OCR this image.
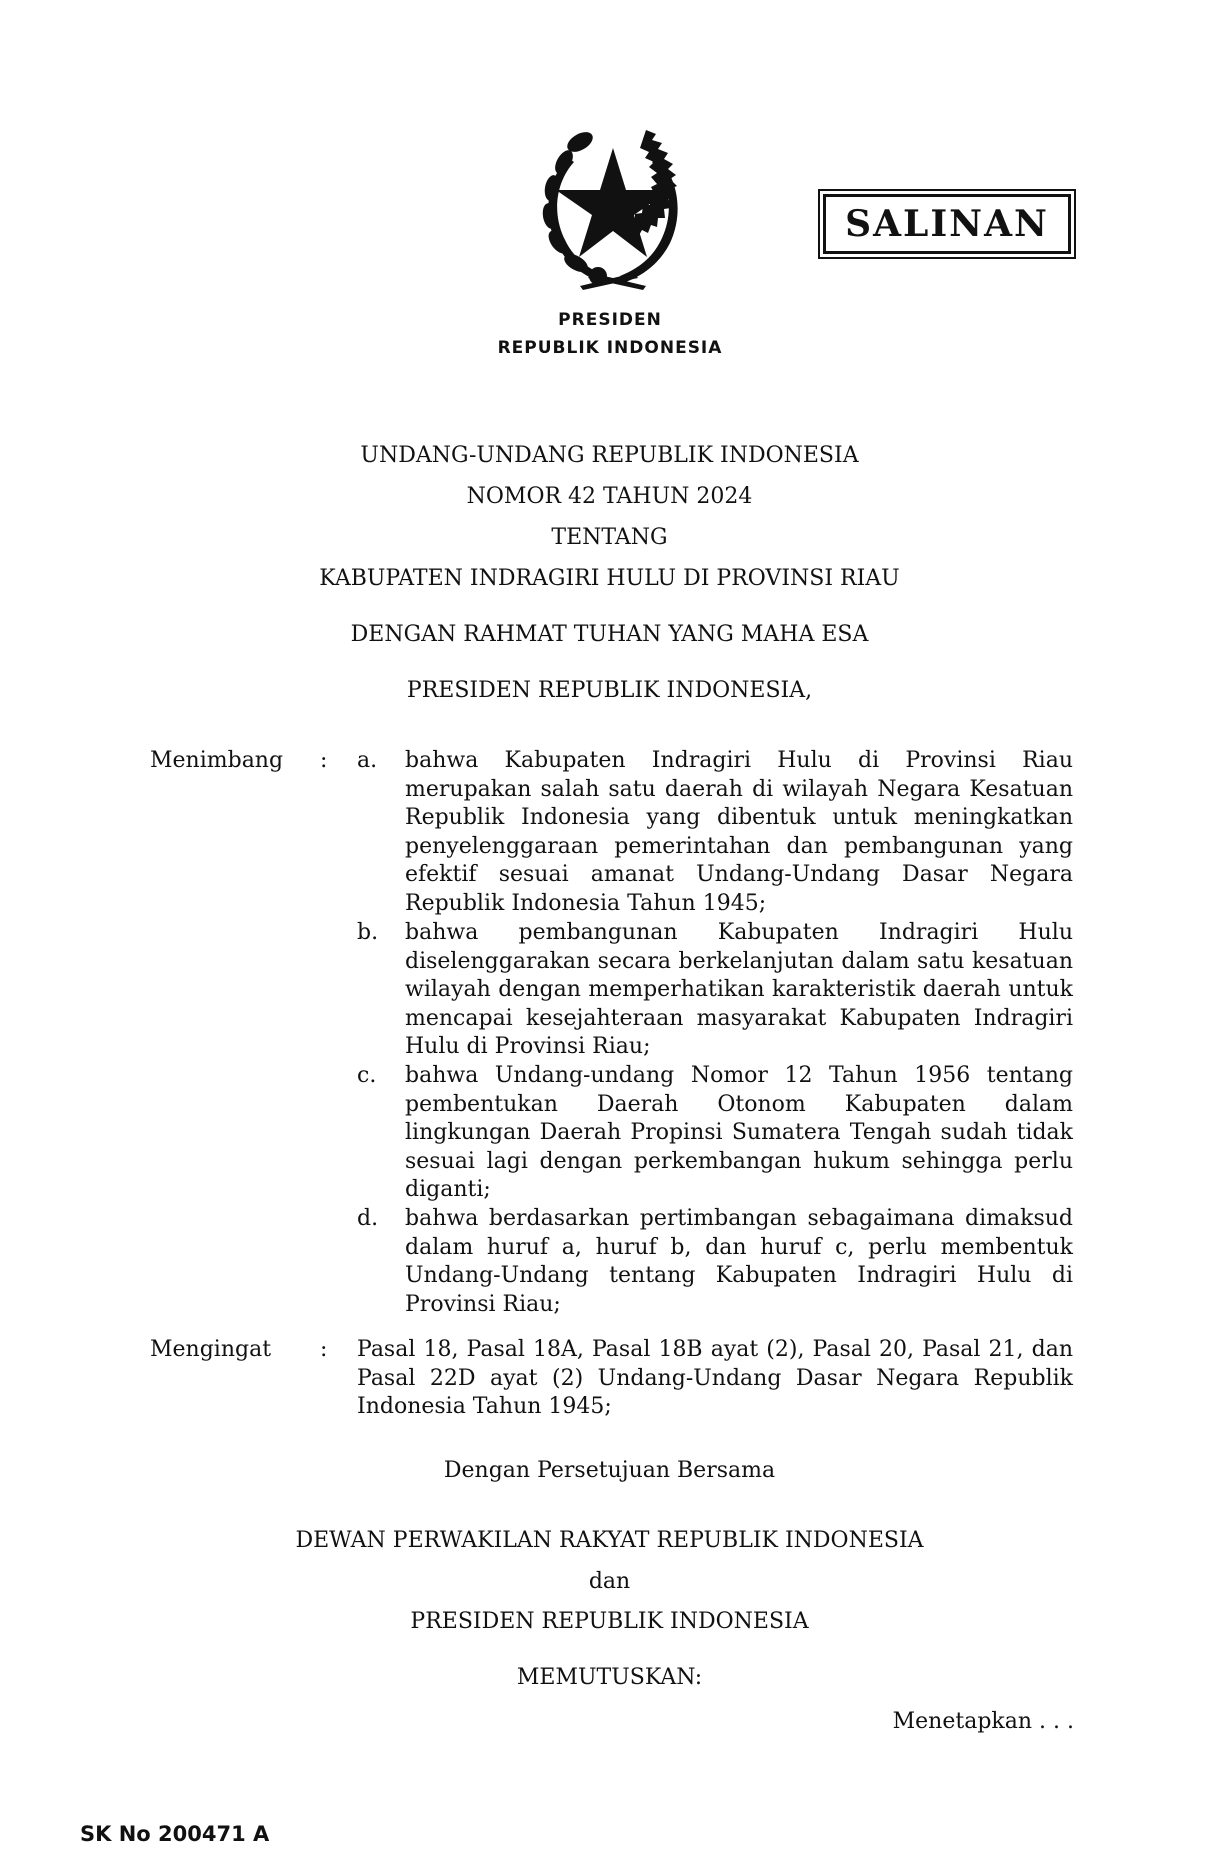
SALINAN
PRESIDEN
REPUBLIK INDONESIA
UNDANG-UNDANG REPUBLIK INDONESIA
NOMOR 42 TAHUN 2024
TENTANG
KABUPATEN INDRAGIRI HULU DI PROVINSI RIAU
DENGAN RAHMAT TUHAN YANG MAHA ESA
PRESIDEN REPUBLIK INDONESIA,
Menimbang : a. bahwa Kabupaten Indragiri Hulu di Provinsi Riau merupakan salah satu daerah di wilayah Negara Kesatuan Republik Indonesia yang dibentuk untuk meningkatkan penyelenggaraan pemerintahan dan pembangunan yang efektif sesuai amanat Undang-Undang Dasar Negara Republik Indonesia Tahun 1945;

b. bahwa pembangunan Kabupaten Indragiri Hulu diselenggarakan secara berkelanjutan dalam satu kesatuan wilayah dengan memperhatikan karakteristik daerah untuk mencapai kesejahteraan masyarakat Kabupaten Indragiri Hulu di Provinsi Riau;

c. bahwa Undang-undang Nomor 12 Tahun 1956 tentang pembentukan Daerah Otonom Kabupaten dalam lingkungan Daerah Propinsi Sumatera Tengah sudah tidak sesuai lagi dengan perkembangan hukum sehingga perlu diganti;

d. bahwa berdasarkan pertimbangan sebagaimana dimaksud dalam huruf a, huruf b, dan huruf c, perlu membentuk Undang-Undang tentang Kabupaten Indragiri Hulu di Provinsi Riau;

Mengingat : Pasal 18, Pasal 18A, Pasal 18B ayat (2), Pasal 20, Pasal 21, dan Pasal 22D ayat (2) Undang-Undang Dasar Negara Republik Indonesia Tahun 1945;

Dengan Persetujuan Bersama
DEWAN PERWAKILAN RAKYAT REPUBLIK INDONESIA
dan
PRESIDEN REPUBLIK INDONESIA
MEMUTUSKAN:
Menetapkan . . .
SK No 200471 A
